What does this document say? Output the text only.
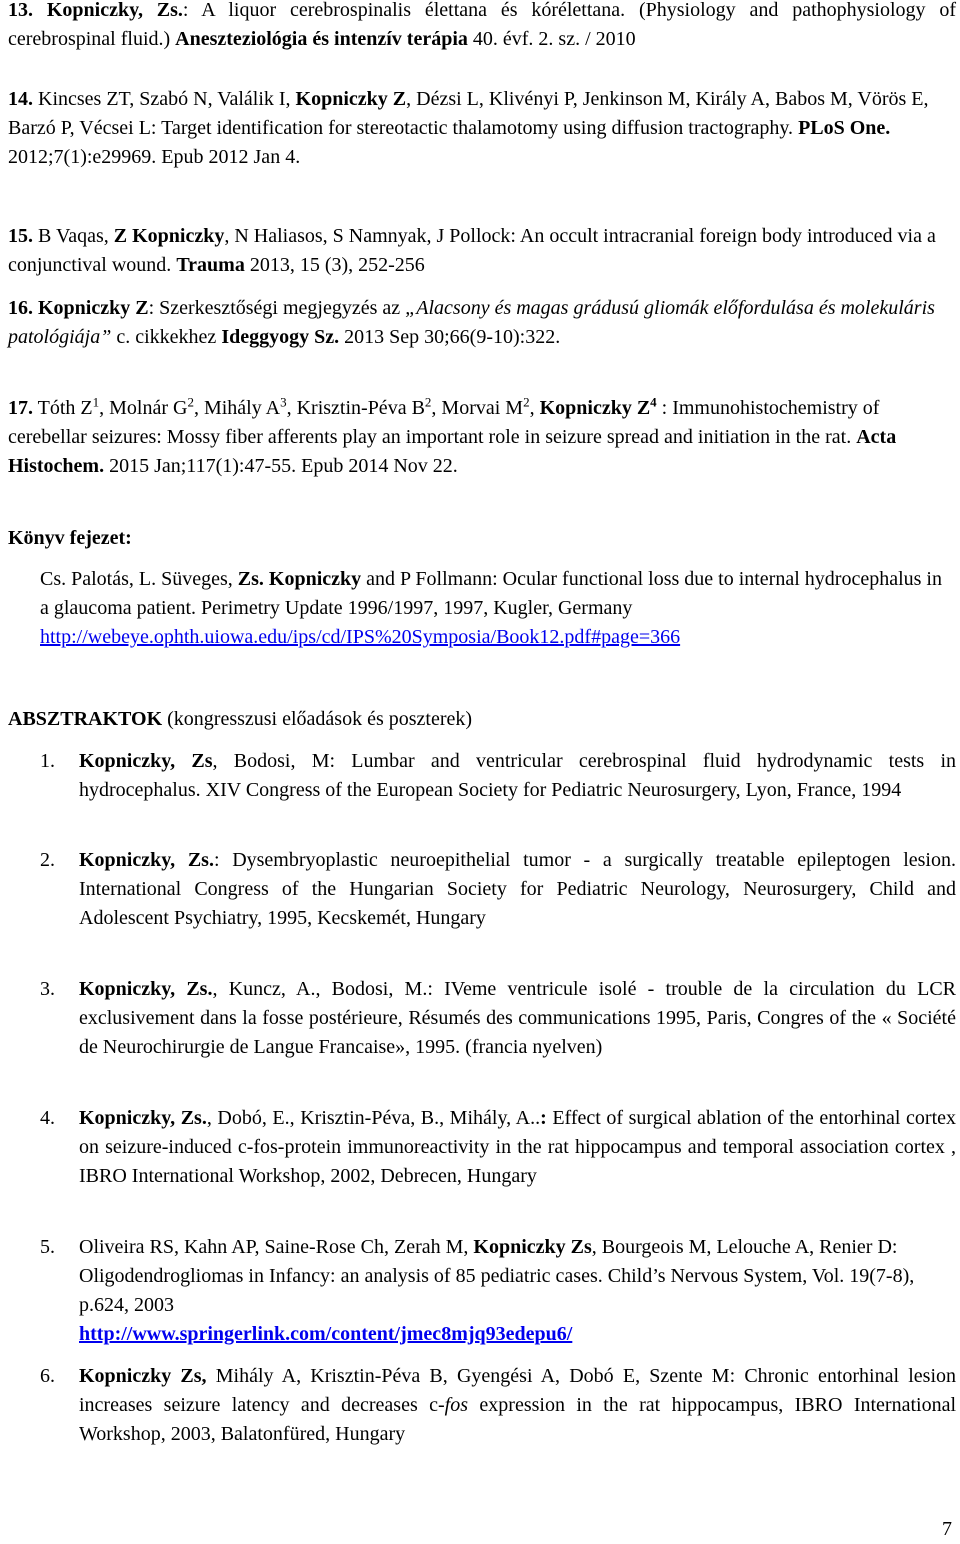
13. Kopniczky, Zs.: A liquor cerebrospinalis élettana és kórélettana. (Physiology and pathophysiology of cerebrospinal fluid.) Aneszteziológia és intenzív terápia 40. évf. 2. sz. / 2010
14. Kincses ZT, Szabó N, Valálik I, Kopniczky Z, Dézsi L, Klivényi P, Jenkinson M, Király A, Babos M, Vörös E, Barzó P, Vécsei L: Target identification for stereotactic thalamotomy using diffusion tractography. PLoS One. 2012;7(1):e29969. Epub 2012 Jan 4.
15. B Vaqas, Z Kopniczky, N Haliasos, S Namnyak, J Pollock: An occult intracranial foreign body introduced via a conjunctival wound. Trauma 2013, 15 (3), 252-256
16. Kopniczky Z: Szerkesztőségi megjegyzés az „Alacsony és magas grádusú gliomák előfordulása és molekuláris patológiája” c. cikkekhez Ideggyogy Sz. 2013 Sep 30;66(9-10):322.
17. Tóth $Z^1$, Molnár $G^2$, Mihály $A^3$, Krisztin-Péva $B^2$, Morvai $M^2$, Kopniczky $Z^4$ : Immunohistochemistry of cerebellar seizures: Mossy fiber afferents play an important role in seizure spread and initiation in the rat. Acta Histochem. 2015 Jan;117(1):47-55. Epub 2014 Nov 22.
Könyv fejezet:
Cs. Palotás, L. Süveges, Zs. Kopniczky and P Follmann: Ocular functional loss due to internal hydrocephalus in a glaucoma patient. Perimetry Update 1996/1997, 1997, Kugler, Germany http://webeye.ophth.uiowa.edu/ips/cd/IPS%20Symposia/Book12.pdf#page=366
ABSZTRAKTOK (kongresszusi előadások és poszterek)
1. Kopniczky, Zs, Bodosi, M: Lumbar and ventricular cerebrospinal fluid hydrodynamic tests in hydrocephalus. XIV Congress of the European Society for Pediatric Neurosurgery, Lyon, France, 1994
2. Kopniczky, Zs.: Dysembryoplastic neuroepithelial tumor - a surgically treatable epileptogen lesion. International Congress of the Hungarian Society for Pediatric Neurology, Neurosurgery, Child and Adolescent Psychiatry, 1995, Kecskemét, Hungary
3. Kopniczky, Zs., Kuncz, A., Bodosi, M.: IVeme ventricule isolé - trouble de la circulation du LCR exclusivement dans la fosse postérieure, Résumés des communications 1995, Paris, Congres of the « Société de Neurochirurgie de Langue Francaise», 1995. (francia nyelven)
4. Kopniczky, Zs., Dobó, E., Krisztin-Péva, B., Mihály, A..: Effect of surgical ablation of the entorhinal cortex on seizure-induced c-fos-protein immunoreactivity in the rat hippocampus and temporal association cortex , IBRO International Workshop, 2002, Debrecen, Hungary
5. Oliveira RS, Kahn AP, Saine-Rose Ch, Zerah M, Kopniczky Zs, Bourgeois M, Lelouche A, Renier D: Oligodendrogliomas in Infancy: an analysis of 85 pediatric cases. Child’s Nervous System, Vol. 19(7-8), p.624, 2003
http://www.springerlink.com/content/jmec8mjq93edepu6/
6. Kopniczky Zs, Mihály A, Krisztin-Péva B, Gyengési A, Dobó E, Szente M: Chronic entorhinal lesion increases seizure latency and decreases c-fos expression in the rat hippocampus, IBRO International Workshop, 2003, Balatonfüred, Hungary
7
